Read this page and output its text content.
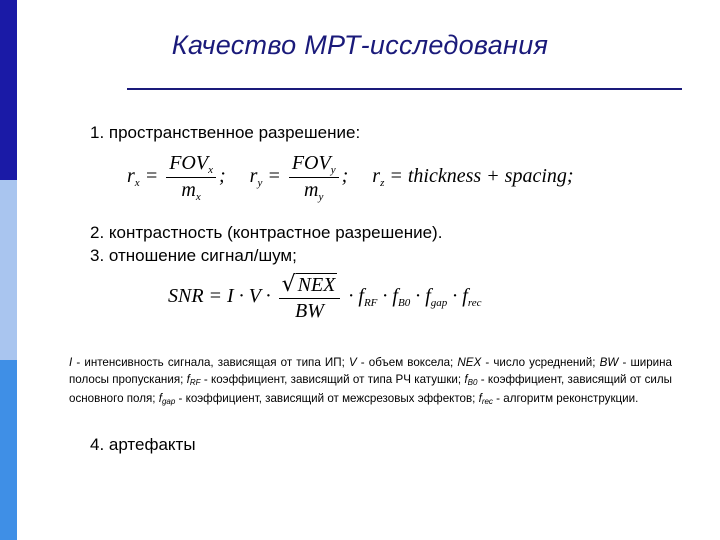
Качество МРТ-исследования
1. пространственное разрешение:
$r_x = \frac{FOV_x}{m_x}$ ; $r_y = \frac{FOV_y}{m_y}$ ; $r_z$ = thickness + spacing;
2. контрастность (контрастное разрешение).
3. отношение сигнал/шум;
SNR = $I \cdot V \cdot \frac{\text{√ NEX}}{BW} \cdot f_{RF} \cdot f_{B0} \cdot f_{gap} \cdot f_{rec}$
I - интенсивность сигнала, зависящая от типа ИП; V - объем воксела; NEX - число усреднений; BW - ширина полосы пропускания; $f_{RF}$ - коэффициент, зависящий от типа РЧ катушки; $f_{B0}$ - коэффициент, зависящий от силы основного поля; $f_{gap}$ - коэффициент, зависящий от межсрезовых эффектов; $f_{rec}$ - алгоритм реконструкции.
4. артефакты
